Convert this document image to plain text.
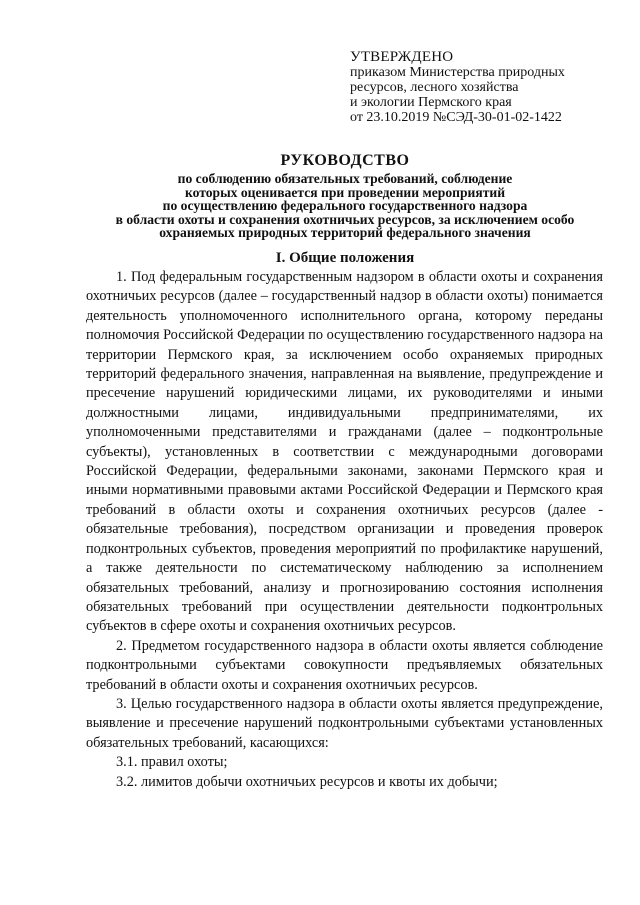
УТВЕРЖДЕНО
приказом Министерства природных
ресурсов, лесного хозяйства
и экологии Пермского края
от 23.10.2019 №СЭД-30-01-02-1422
РУКОВОДСТВО
по соблюдению обязательных требований, соблюдение
которых оценивается при проведении мероприятий
по осуществлению федерального государственного надзора
в области охоты и сохранения охотничьих ресурсов, за исключением особо
охраняемых природных территорий федерального значения
I. Общие положения

1. Под федеральным государственным надзором в области охоты и сохранения охотничьих ресурсов (далее – государственный надзор в области охоты) понимается деятельность уполномоченного исполнительного органа, которому переданы полномочия Российской Федерации по осуществлению государственного надзора на территории Пермского края, за исключением особо охраняемых природных территорий федерального значения, направленная на выявление, предупреждение и пресечение нарушений юридическими лицами, их руководителями и иными должностными лицами, индивидуальными предпринимателями, их уполномоченными представителями и гражданами (далее – подконтрольные субъекты), установленных в соответствии с международными договорами Российской Федерации, федеральными законами, законами Пермского края и иными нормативными правовыми актами Российской Федерации и Пермского края требований в области охоты и сохранения охотничьих ресурсов (далее - обязательные требования), посредством организации и проведения проверок подконтрольных субъектов, проведения мероприятий по профилактике нарушений, а также деятельности по систематическому наблюдению за исполнением обязательных требований, анализу и прогнозированию состояния исполнения обязательных требований при осуществлении деятельности подконтрольных субъектов в сфере охоты и сохранения охотничьих ресурсов.

2. Предметом государственного надзора в области охоты является соблюдение подконтрольными субъектами совокупности предъявляемых обязательных требований в области охоты и сохранения охотничьих ресурсов.

3. Целью государственного надзора в области охоты является предупреждение, выявление и пресечение нарушений подконтрольными субъектами установленных обязательных требований, касающихся:

3.1. правил охоты;

3.2. лимитов добычи охотничьих ресурсов и квоты их добычи;
